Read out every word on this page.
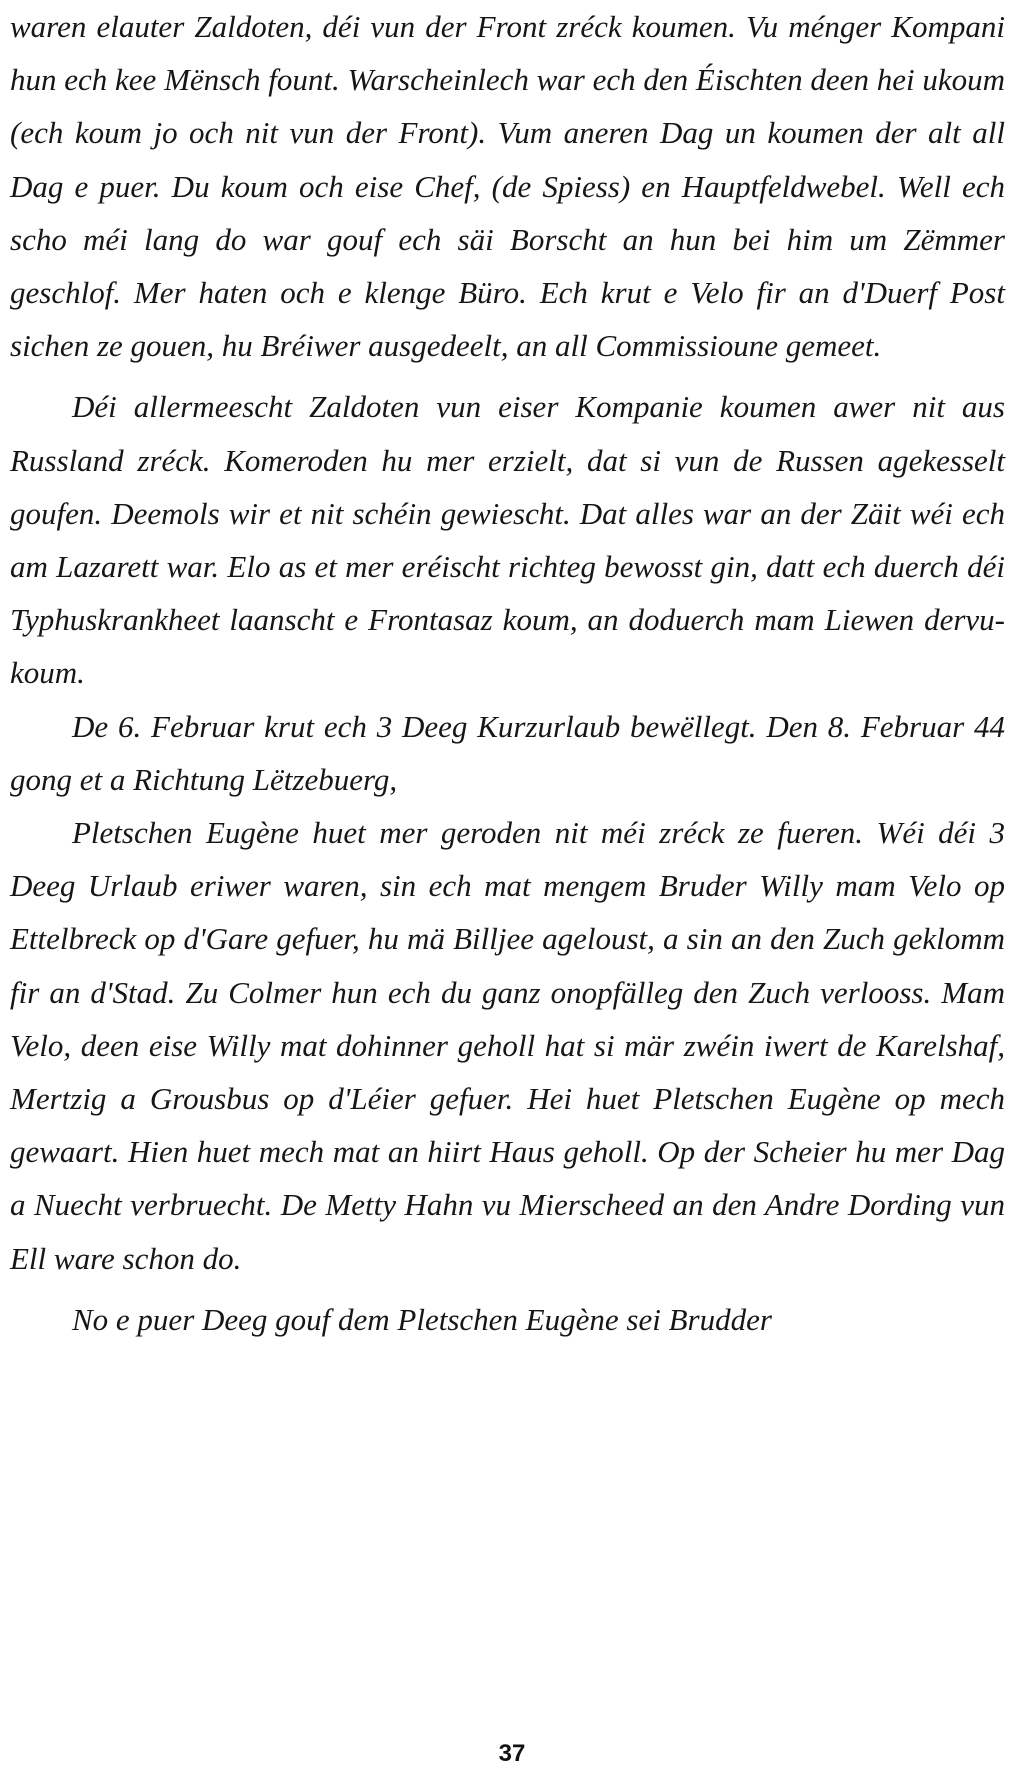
waren elauter Zaldoten, déi vun der Front zréck koumen. Vu ménger Kompani hun ech kee Mënsch fount. Warscheinlech war ech den Éischten deen hei ukoum (ech koum jo och nit vun der Front). Vum aneren Dag un koumen der alt all Dag e puer. Du koum och eise Chef, (de Spiess) en Hauptfeldwebel. Well ech scho méi lang do war gouf ech säi Borscht an hun bei him um Zëmmer geschlof. Mer haten och e klenge Büro. Ech krut e Velo fir an d'Duerf Post sichen ze gouen, hu Bréiwer ausgedeelt, an all Commissioune gemeet.

Déi allermeescht Zaldoten vun eiser Kompanie koumen awer nit aus Russland zréck. Komeroden hu mer erzielt, dat si vun de Russen agekesselt goufen. Deemols wir et nit schéin gewiescht. Dat alles war an der Zäit wéi ech am Lazarett war. Elo as et mer eréischt richteg bewosst gin, datt ech duerch déi Typhuskrankheet laanscht e Frontasaz koum, an doduerch mam Liewen dervu-koum.

De 6. Februar krut ech 3 Deeg Kurzurlaub bewëllegt. Den 8. Februar 44 gong et a Richtung Lëtzebuerg,

Pletschen Eugène huet mer geroden nit méi zréck ze fueren. Wéi déi 3 Deeg Urlaub eriwer waren, sin ech mat mengem Bruder Willy mam Velo op Ettelbreck op d'Gare gefuer, hu mä Billjee ageloust, a sin an den Zuch geklomm fir an d'Stad. Zu Colmer hun ech du ganz onopfälleg den Zuch verlooss. Mam Velo, deen eise Willy mat dohinner geholl hat si mär zwéin iwert de Karelshaf, Mertzig a Grousbus op d'Léier gefuer. Hei huet Pletschen Eugène op mech gewaart. Hien huet mech mat an hiirt Haus geholl. Op der Scheier hu mer Dag a Nuecht verbruecht. De Metty Hahn vu Mierscheed an den Andre Dording vun Ell ware schon do.

No e puer Deeg gouf dem Pletschen Eugène sei Brudder

37
